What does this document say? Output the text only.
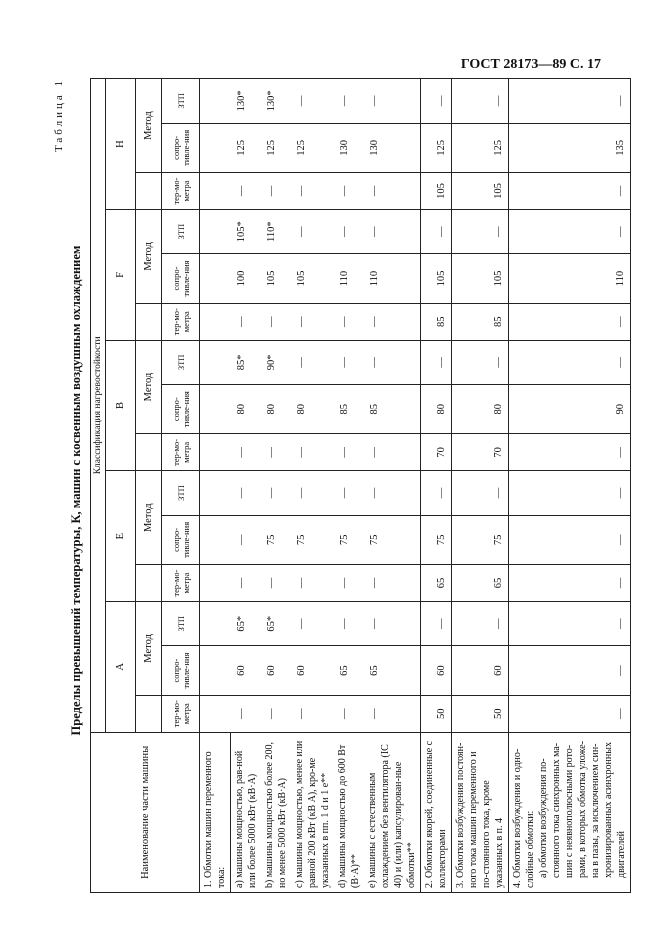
ГОСТ 28173—89 С. 17
Таблица 1
Пределы превышений температуры, К, машин с косвенным воздушным охлаждением
Наименование части машины	Классификация нагревостойкости														
	A			E			B			F			H		
		Метод			Метод			Метод			Метод			Метод	
	тер-мо-метра	сопро-тивле-ния	ЗТП	тер-мо-метра	сопро-тивле-ния	ЗТП	тер-мо-метра	сопро-тивле-ния	ЗТП	тер-мо-метра	сопро-тивле-ния	ЗТП	тер-мо-метра	сопро-тивле-ния	ЗТП

1. Обмотки машин переменного тока:															

а) машины мощностью, рав-ной или более 5000 кВт (кВ·А)	—	60	65*	—	—	—	—	80	85*	—	100	105*	—	125	130*
b) машины мощностью более 200, но менее 5000 кВт (кВ·А)	—	60	65*	—	75	—	—	80	90*	—	105	110*	—	125	130*
с) машины мощностью, менее или равной 200 кВт (кВ А), кро-ме указанных в пп. 1 d и 1 е**	—	60	—	—	75	—	—	80	—	—	105	—	—	125	—
d) машины мощностью до 600 Вт (В·А)**	—	65	—	—	75	—	—	85	—	—	110	—	—	130	—
е) машины с естественным охлаждением без вентилятора (IC 40) и (или) капсулирован-ные обмотки**	—	65	—	—	75	—	—	85	—	—	110	—	—	130	—

2. Обмотки якорей, соединенные с коллекторами	50	60	—	65	75	—	70	80	—	85	105	—	105	125	—

3. Обмотки возбуждения постоян-ного тока машин переменного и по-стоянного тока, кроме указанных в п. 4	50	60	—	65	75	—	70	80	—	85	105	—	105	125	—

4. Обмотки возбуждения и одно-слойные обмотки: а) обмотки возбуждения по-стоянного тока синхронных ма-шин с неявнополюсными рото-рами, в которых обмотка уложе-на в пазы, за исключением син-хронизированных асинхронных двигателей	—	—	—	—	—	—	—	90	—	—	110	—	—	135	—
